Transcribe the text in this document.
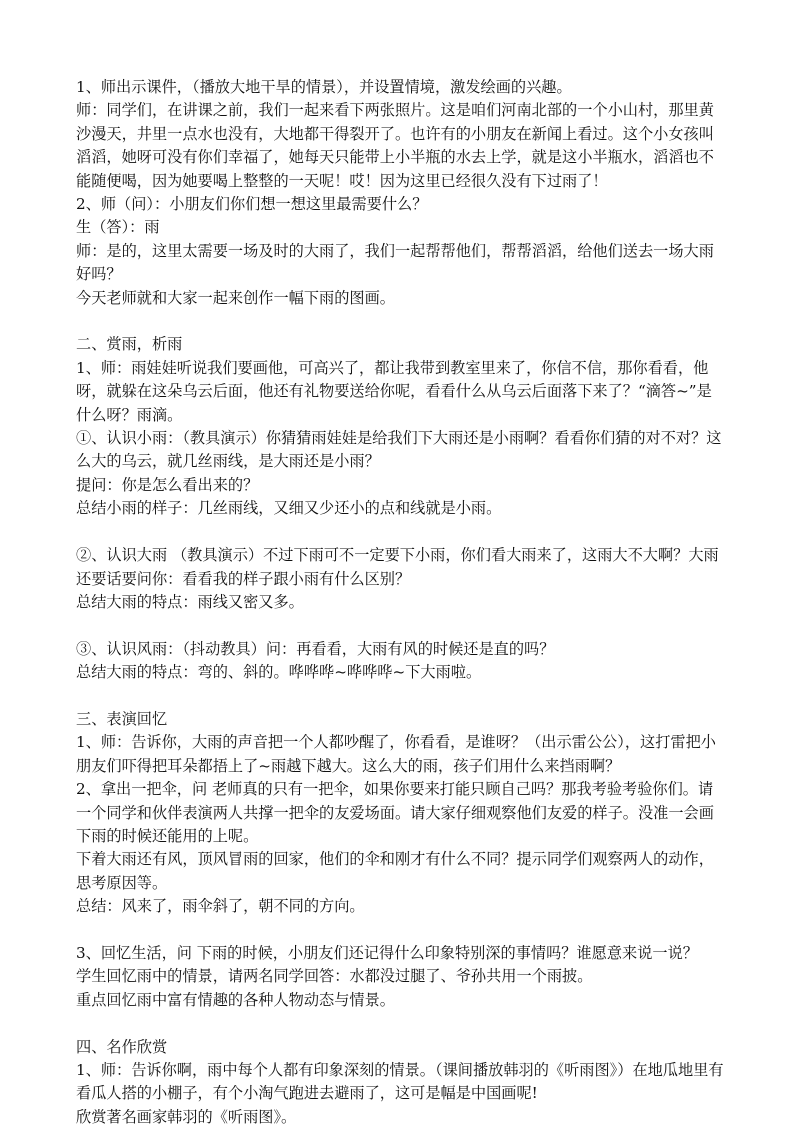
1、师出示课件，（播放大地干旱的情景），并设置情境，激发绘画的兴趣。

师：同学们，在讲课之前，我们一起来看下两张照片。这是咱们河南北部的一个小山村，那里黄沙漫天，井里一点水也没有，大地都干得裂开了。也许有的小朋友在新闻上看过。这个小女孩叫滔滔，她呀可没有你们幸福了，她每天只能带上小半瓶的水去上学，就是这小半瓶水，滔滔也不能随便喝，因为她要喝上整整的一天呢！哎！因为这里已经很久没有下过雨了！

2、师（问）：小朋友们你们想一想这里最需要什么？

生（答）：雨

师：是的，这里太需要一场及时的大雨了，我们一起帮帮他们，帮帮滔滔，给他们送去一场大雨好吗？

今天老师就和大家一起来创作一幅下雨的图画。

二、赏雨，析雨

1、师：雨娃娃听说我们要画他，可高兴了，都让我带到教室里来了，你信不信，那你看看，他呀，就躲在这朵乌云后面，他还有礼物要送给你呢，看看什么从乌云后面落下来了？“滴答~”是什么呀？雨滴。

①、认识小雨：（教具演示）你猜猜雨娃娃是给我们下大雨还是小雨啊？看看你们猜的对不对？这么大的乌云，就几丝雨线，是大雨还是小雨？

提问：你是怎么看出来的？

总结小雨的样子：几丝雨线，又细又少还小的点和线就是小雨。

②、认识大雨 （教具演示）不过下雨可不一定要下小雨，你们看大雨来了，这雨大不大啊？大雨还要话要问你：看看我的样子跟小雨有什么区别？

总结大雨的特点：雨线又密又多。

③、认识风雨：（抖动教具）问：再看看，大雨有风的时候还是直的吗？

总结大雨的特点：弯的、斜的。哗哗哗~哗哗哗~下大雨啦。

三、表演回忆

1、师：告诉你，大雨的声音把一个人都吵醒了，你看看，是谁呀？（出示雷公公），这打雷把小朋友们吓得把耳朵都捂上了~雨越下越大。这么大的雨，孩子们用什么来挡雨啊？

2、拿出一把伞，问 老师真的只有一把伞，如果你要来打能只顾自己吗？那我考验考验你们。请一个同学和伙伴表演两人共撑一把伞的友爱场面。请大家仔细观察他们友爱的样子。没准一会画下雨的时候还能用的上呢。

下着大雨还有风，顶风冒雨的回家，他们的伞和刚才有什么不同？提示同学们观察两人的动作，思考原因等。

总结：风来了，雨伞斜了，朝不同的方向。

3、回忆生活，问 下雨的时候，小朋友们还记得什么印象特别深的事情吗？谁愿意来说一说？

学生回忆雨中的情景，请两名同学回答：水都没过腿了、爷孙共用一个雨披。

重点回忆雨中富有情趣的各种人物动态与情景。

四、名作欣赏

1、师：告诉你啊，雨中每个人都有印象深刻的情景。（课间播放韩羽的《听雨图》）在地瓜地里有看瓜人搭的小棚子，有个小淘气跑进去避雨了，这可是幅是中国画呢!

欣赏著名画家韩羽的《听雨图》。
